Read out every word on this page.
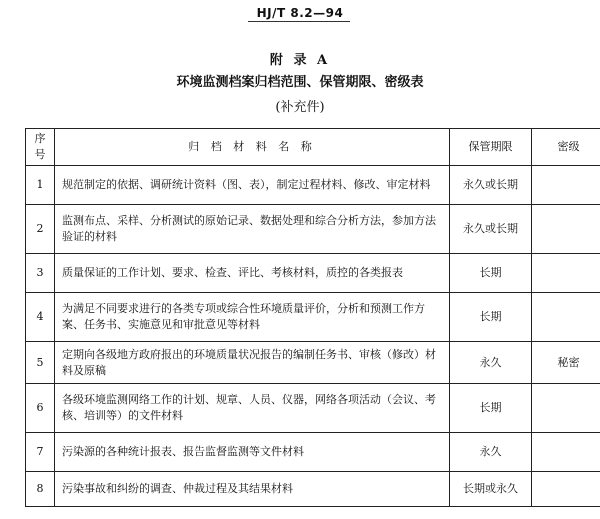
HJ/T 8.2—94
附 录 A
环境监测档案归档范围、保管期限、密级表
(补充件)
序号	归 档 材 料 名 称	保管期限	密级
1	规范制定的依据、调研统计资料（图、表），制定过程材料、修改、审定材料	永久或长期	
2	监测布点、采样、分析测试的原始记录、数据处理和综合分析方法，参加方法验证的材料	永久或长期	
3	质量保证的工作计划、要求、检查、评比、考核材料，质控的各类报表	长期	
4	为满足不同要求进行的各类专项或综合性环境质量评价，分析和预测工作方案、任务书、实施意见和审批意见等材料	长期	
5	定期向各级地方政府报出的环境质量状况报告的编制任务书、审核（修改）材料及原稿	永久	秘密
6	各级环境监测网络工作的计划、规章、人员、仪器，网络各项活动（会议、考核、培训等）的文件材料	长期	
7	污染源的各种统计报表、报告监督监测等文件材料	永久	
8	污染事故和纠纷的调查、仲裁过程及其结果材料	长期或永久	
